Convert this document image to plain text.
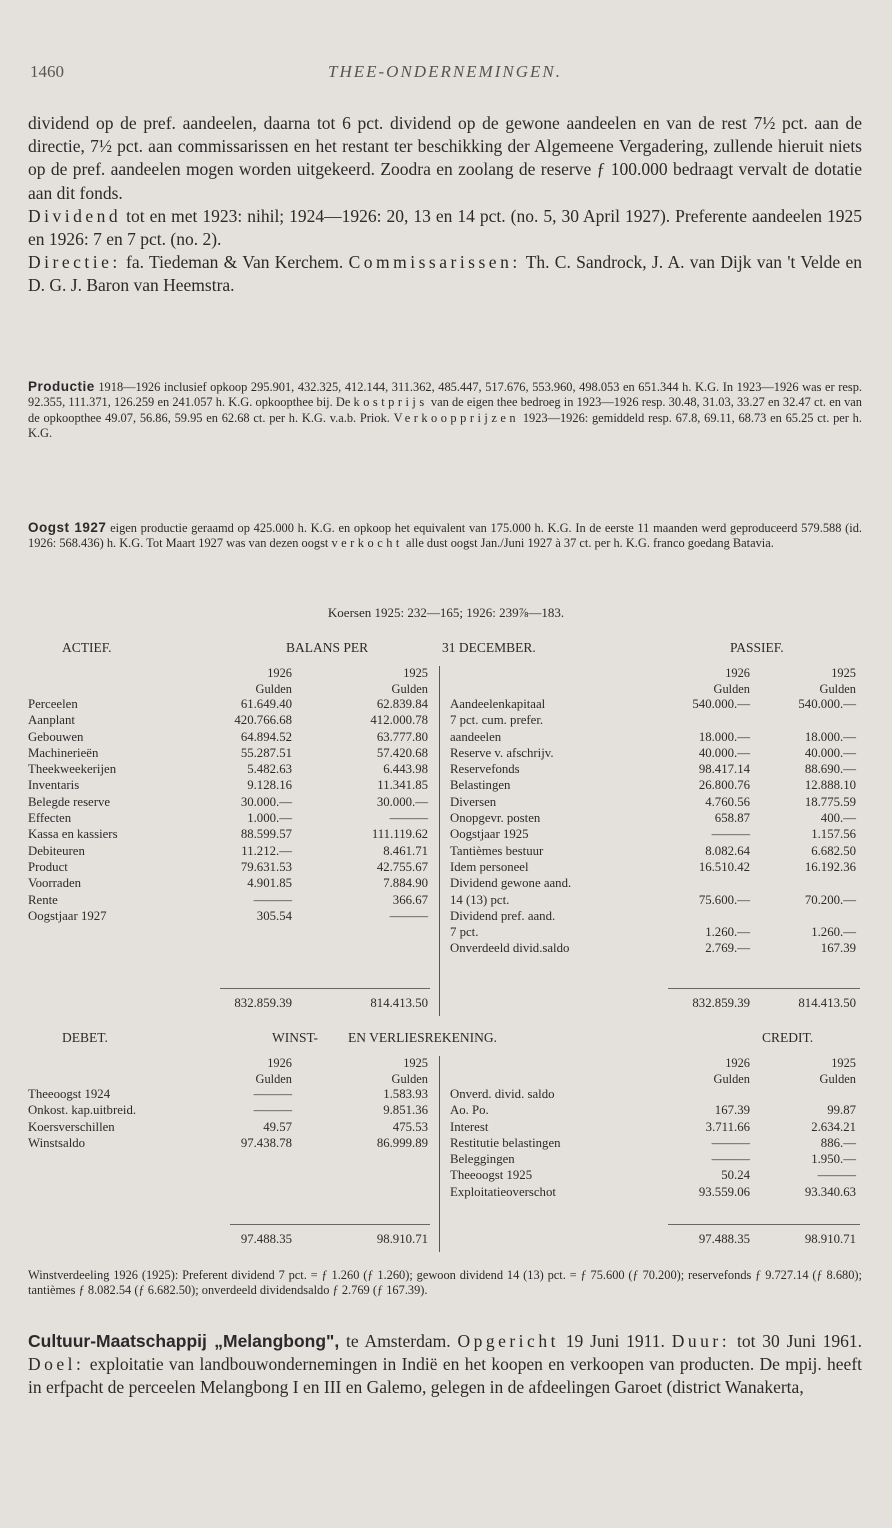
1460	THEE-ONDERNEMINGEN.

dividend op de pref. aandeelen, daarna tot 6 pct. dividend op de gewone aandeelen en van de rest 7½ pct. aan de directie, 7½ pct. aan commissarissen en het restant ter beschikking der Algemeene Vergadering, zullende hieruit niets op de pref. aandeelen mogen worden uitgekeerd. Zoodra en zoolang de reserve ƒ 100.000 bedraagt vervalt de dotatie aan dit fonds.

Dividend tot en met 1923: nihil; 1924—1926: 20, 13 en 14 pct. (no. 5, 30 April 1927). Preferente aandeelen 1925 en 1926: 7 en 7 pct. (no. 2).

Directie: fa. Tiedeman & Van Kerchem. Commissarissen: Th. C. Sandrock, J. A. van Dijk van 't Velde en D. G. J. Baron van Heemstra.

Productie 1918—1926 inclusief opkoop 295.901, 432.325, 412.144, 311.362, 485.447, 517.676, 553.960, 498.053 en 651.344 h. K.G. In 1923—1926 was er resp. 92.355, 111.371, 126.259 en 241.057 h. K.G. opkoopthee bij. De kostprijs van de eigen thee bedroeg in 1923—1926 resp. 30.48, 31.03, 33.27 en 32.47 ct. en van de opkoopthee 49.07, 56.86, 59.95 en 62.68 ct. per h. K.G. v.a.b. Priok. Verkoopprijzen 1923—1926: gemiddeld resp. 67.8, 69.11, 68.73 en 65.25 ct. per h. K.G.

Oogst 1927 eigen productie geraamd op 425.000 h. K.G. en opkoop het equivalent van 175.000 h. K.G. In de eerste 11 maanden werd geproduceerd 579.588 (id. 1926: 568.436) h. K.G. Tot Maart 1927 was van dezen oogst verkocht alle dust oogst Jan./Juni 1927 à 37 ct. per h. K.G. franco goedang Batavia.

Koersen 1925: 232—165; 1926: 239⅞—183.
ACTIEF.	BALANS PER	31 DECEMBER.	PASSIEF.
1926	1925
Gulden	Gulden
Perceelen	61.649.40	62.839.84
Aanplant	420.766.68	412.000.78
Gebouwen	64.894.52	63.777.80
Machinerieën	55.287.51	57.420.68
Theekweekerijen	5.482.63	6.443.98
Inventaris	9.128.16	11.341.85
Belegde reserve	30.000.—	30.000.—
Effecten	1.000.—	———
Kassa en kassiers	88.599.57	111.119.62
Debiteuren	11.212.—	8.461.71
Product	79.631.53	42.755.67
Voorraden	4.901.85	7.884.90
Rente	———	366.67
Oogstjaar 1927	305.54	———
1926	1925
Gulden	Gulden
Aandeelenkapitaal	540.000.—	540.000.—
7 pct. cum. prefer.
aandeelen	18.000.—	18.000.—
Reserve v. afschrijv.	40.000.—	40.000.—
Reservefonds	98.417.14	88.690.—
Belastingen	26.800.76	12.888.10
Diversen	4.760.56	18.775.59
Onopgevr. posten	658.87	400.—
Oogstjaar 1925	———	1.157.56
Tantièmes bestuur	8.082.64	6.682.50
Idem personeel	16.510.42	16.192.36
Dividend gewone aand.
14 (13) pct.	75.600.—	70.200.—
Dividend pref. aand.
7 pct.	1.260.—	1.260.—
Onverdeeld divid.saldo	2.769.—	167.39
832.859.39	814.413.50	832.859.39	814.413.50
DEBET.	WINST- EN VERLIESREKENING.	CREDIT.
1926	1925
Gulden	Gulden
Theeoogst 1924	———	1.583.93
Onkost. kap.uitbreid.	———	9.851.36
Koersverschillen	49.57	475.53
Winstsaldo	97.438.78	86.999.89
1926	1925
Gulden	Gulden
Onverd. divid. saldo
Ao. Po.	167.39	99.87
Interest	3.711.66	2.634.21
Restitutie belastingen	———	886.—
Beleggingen	———	1.950.—
Theeoogst 1925	50.24	———
Exploitatieoverschot	93.559.06	93.340.63
97.488.35	98.910.71	97.488.35	98.910.71

Winstverdeeling 1926 (1925): Preferent dividend 7 pct. = ƒ 1.260 (ƒ 1.260); gewoon dividend 14 (13) pct. = ƒ 75.600 (ƒ 70.200); reservefonds ƒ 9.727.14 (ƒ 8.680); tantièmes ƒ 8.082.54 (ƒ 6.682.50); onverdeeld dividendsaldo ƒ 2.769 (ƒ 167.39).

Cultuur-Maatschappij „Melangbong", te Amsterdam. Opgericht 19 Juni 1911. Duur: tot 30 Juni 1961. Doel: exploitatie van landbouwondernemingen in Indië en het koopen en verkoopen van producten. De mpij. heeft in erfpacht de perceelen Melangbong I en III en Galemo, gelegen in de afdeelingen Garoet (district Wanakerta,
